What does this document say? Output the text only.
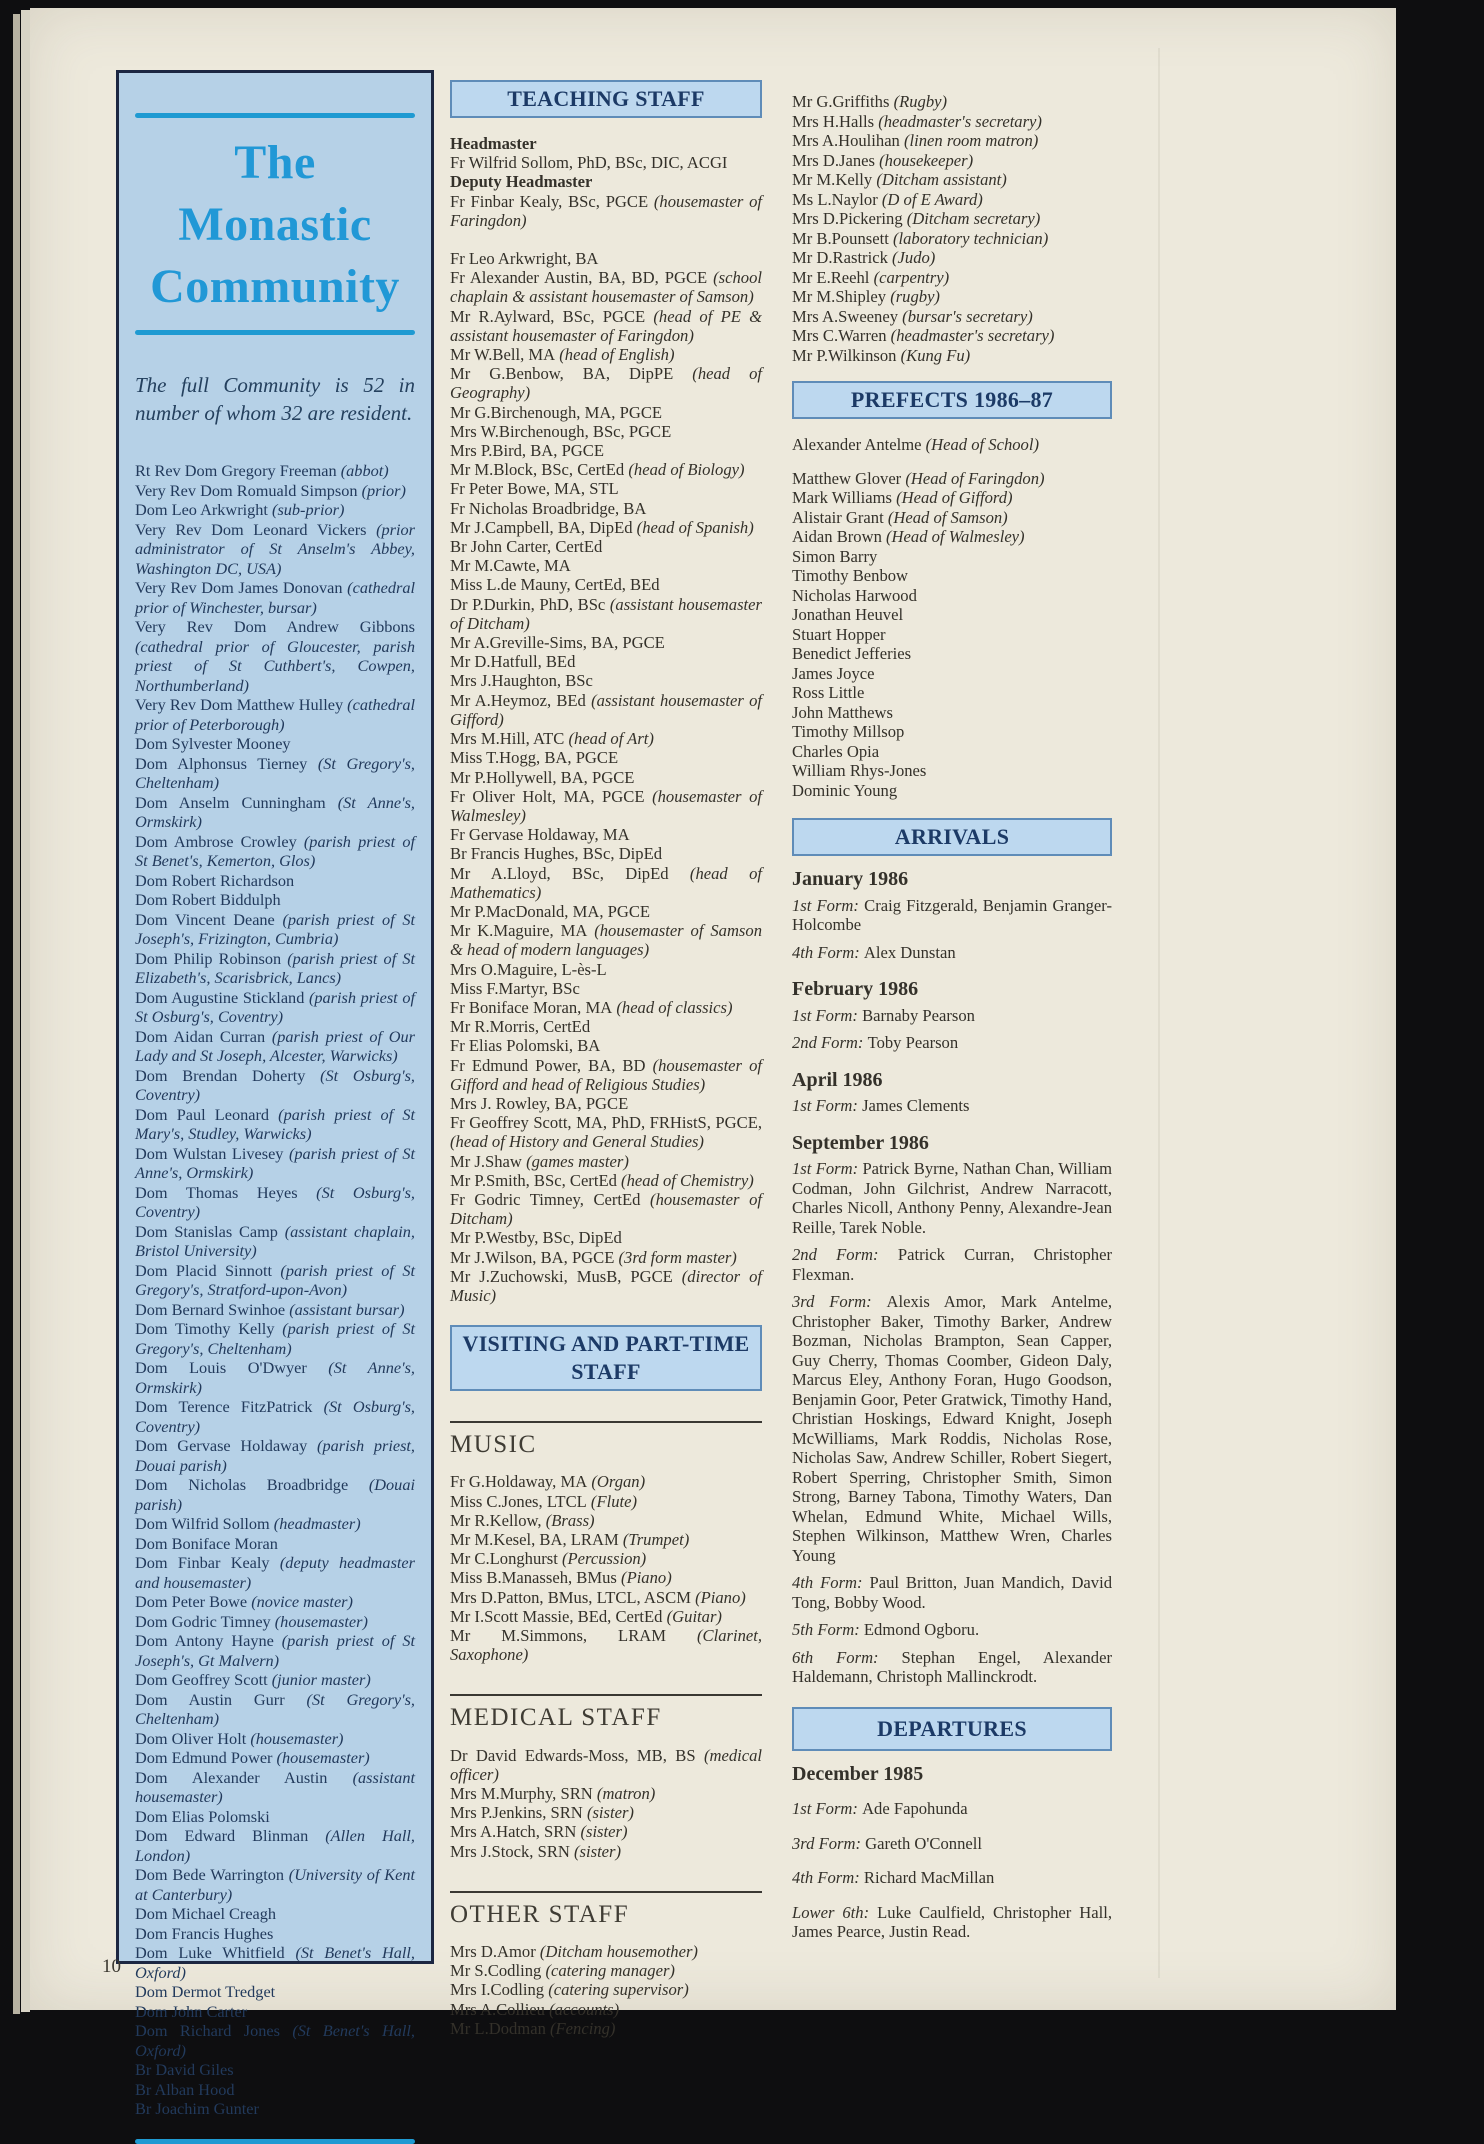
The
Monastic
Community
The full Community is 52 in number of whom 32 are resident.
Rt Rev Dom Gregory Freeman (abbot)
Very Rev Dom Romuald Simpson (prior)
Dom Leo Arkwright (sub-prior)
Very Rev Dom Leonard Vickers (prior administrator of St Anselm's Abbey, Washington DC, USA)
Very Rev Dom James Donovan (cathedral prior of Winchester, bursar)
Very Rev Dom Andrew Gibbons (cathedral prior of Gloucester, parish priest of St Cuthbert's, Cowpen, Northumberland)
Very Rev Dom Matthew Hulley (cathedral prior of Peterborough)
Dom Sylvester Mooney
Dom Alphonsus Tierney (St Gregory's, Cheltenham)
Dom Anselm Cunningham (St Anne's, Ormskirk)
Dom Ambrose Crowley (parish priest of St Benet's, Kemerton, Glos)
Dom Robert Richardson
Dom Robert Biddulph
Dom Vincent Deane (parish priest of St Joseph's, Frizington, Cumbria)
Dom Philip Robinson (parish priest of St Elizabeth's, Scarisbrick, Lancs)
Dom Augustine Stickland (parish priest of St Osburg's, Coventry)
Dom Aidan Curran (parish priest of Our Lady and St Joseph, Alcester, Warwicks)
Dom Brendan Doherty (St Osburg's, Coventry)
Dom Paul Leonard (parish priest of St Mary's, Studley, Warwicks)
Dom Wulstan Livesey (parish priest of St Anne's, Ormskirk)
Dom Thomas Heyes (St Osburg's, Coventry)
Dom Stanislas Camp (assistant chaplain, Bristol University)
Dom Placid Sinnott (parish priest of St Gregory's, Stratford-upon-Avon)
Dom Bernard Swinhoe (assistant bursar)
Dom Timothy Kelly (parish priest of St Gregory's, Cheltenham)
Dom Louis O'Dwyer (St Anne's, Ormskirk)
Dom Terence FitzPatrick (St Osburg's, Coventry)
Dom Gervase Holdaway (parish priest, Douai parish)
Dom Nicholas Broadbridge (Douai parish)
Dom Wilfrid Sollom (headmaster)
Dom Boniface Moran
Dom Finbar Kealy (deputy headmaster and housemaster)
Dom Peter Bowe (novice master)
Dom Godric Timney (housemaster)
Dom Antony Hayne (parish priest of St Joseph's, Gt Malvern)
Dom Geoffrey Scott (junior master)
Dom Austin Gurr (St Gregory's, Cheltenham)
Dom Oliver Holt (housemaster)
Dom Edmund Power (housemaster)
Dom Alexander Austin (assistant housemaster)
Dom Elias Polomski
Dom Edward Blinman (Allen Hall, London)
Dom Bede Warrington (University of Kent at Canterbury)
Dom Michael Creagh
Dom Francis Hughes
Dom Luke Whitfield (St Benet's Hall, Oxford)
Dom Dermot Tredget
Dom John Carter
Dom Richard Jones (St Benet's Hall, Oxford)
Br David Giles
Br Alban Hood
Br Joachim Gunter
TEACHING STAFF
Headmaster
Fr Wilfrid Sollom, PhD, BSc, DIC, ACGI
Deputy Headmaster
Fr Finbar Kealy, BSc, PGCE (housemaster of Faringdon)
Fr Leo Arkwright, BA
Fr Alexander Austin, BA, BD, PGCE (school chaplain & assistant housemaster of Samson)
Mr R.Aylward, BSc, PGCE (head of PE & assistant housemaster of Faringdon)
Mr W.Bell, MA (head of English)
Mr G.Benbow, BA, DipPE (head of Geography)
Mr G.Birchenough, MA, PGCE
Mrs W.Birchenough, BSc, PGCE
Mrs P.Bird, BA, PGCE
Mr M.Block, BSc, CertEd (head of Biology)
Fr Peter Bowe, MA, STL
Fr Nicholas Broadbridge, BA
Mr J.Campbell, BA, DipEd (head of Spanish)
Br John Carter, CertEd
Mr M.Cawte, MA
Miss L.de Mauny, CertEd, BEd
Dr P.Durkin, PhD, BSc (assistant housemaster of Ditcham)
Mr A.Greville-Sims, BA, PGCE
Mr D.Hatfull, BEd
Mrs J.Haughton, BSc
Mr A.Heymoz, BEd (assistant housemaster of Gifford)
Mrs M.Hill, ATC (head of Art)
Miss T.Hogg, BA, PGCE
Mr P.Hollywell, BA, PGCE
Fr Oliver Holt, MA, PGCE (housemaster of Walmesley)
Fr Gervase Holdaway, MA
Br Francis Hughes, BSc, DipEd
Mr A.Lloyd, BSc, DipEd (head of Mathematics)
Mr P.MacDonald, MA, PGCE
Mr K.Maguire, MA (housemaster of Samson & head of modern languages)
Mrs O.Maguire, L-ès-L
Miss F.Martyr, BSc
Fr Boniface Moran, MA (head of classics)
Mr R.Morris, CertEd
Fr Elias Polomski, BA
Fr Edmund Power, BA, BD (housemaster of Gifford and head of Religious Studies)
Mrs J. Rowley, BA, PGCE
Fr Geoffrey Scott, MA, PhD, FRHistS, PGCE, (head of History and General Studies)
Mr J.Shaw (games master)
Mr P.Smith, BSc, CertEd (head of Chemistry)
Fr Godric Timney, CertEd (housemaster of Ditcham)
Mr P.Westby, BSc, DipEd
Mr J.Wilson, BA, PGCE (3rd form master)
Mr J.Zuchowski, MusB, PGCE (director of Music)
VISITING AND PART-TIME STAFF
MUSIC
Fr G.Holdaway, MA (Organ)
Miss C.Jones, LTCL (Flute)
Mr R.Kellow, (Brass)
Mr M.Kesel, BA, LRAM (Trumpet)
Mr C.Longhurst (Percussion)
Miss B.Manasseh, BMus (Piano)
Mrs D.Patton, BMus, LTCL, ASCM (Piano)
Mr I.Scott Massie, BEd, CertEd (Guitar)
Mr M.Simmons, LRAM (Clarinet, Saxophone)
MEDICAL STAFF
Dr David Edwards-Moss, MB, BS (medical officer)
Mrs M.Murphy, SRN (matron)
Mrs P.Jenkins, SRN (sister)
Mrs A.Hatch, SRN (sister)
Mrs J.Stock, SRN (sister)
OTHER STAFF
Mrs D.Amor (Ditcham housemother)
Mr S.Codling (catering manager)
Mrs I.Codling (catering supervisor)
Mrs A.Collieu (accounts)
Mr L.Dodman (Fencing)
Mr G.Griffiths (Rugby)
Mrs H.Halls (headmaster's secretary)
Mrs A.Houlihan (linen room matron)
Mrs D.Janes (housekeeper)
Mr M.Kelly (Ditcham assistant)
Ms L.Naylor (D of E Award)
Mrs D.Pickering (Ditcham secretary)
Mr B.Pounsett (laboratory technician)
Mr D.Rastrick (Judo)
Mr E.Reehl (carpentry)
Mr M.Shipley (rugby)
Mrs A.Sweeney (bursar's secretary)
Mrs C.Warren (headmaster's secretary)
Mr P.Wilkinson (Kung Fu)
PREFECTS 1986–87
Alexander Antelme (Head of School)
Matthew Glover (Head of Faringdon)
Mark Williams (Head of Gifford)
Alistair Grant (Head of Samson)
Aidan Brown (Head of Walmesley)
Simon Barry
Timothy Benbow
Nicholas Harwood
Jonathan Heuvel
Stuart Hopper
Benedict Jefferies
James Joyce
Ross Little
John Matthews
Timothy Millsop
Charles Opia
William Rhys-Jones
Dominic Young
ARRIVALS
January 1986
1st Form: Craig Fitzgerald, Benjamin Granger-Holcombe
4th Form: Alex Dunstan
February 1986
1st Form: Barnaby Pearson
2nd Form: Toby Pearson
April 1986
1st Form: James Clements
September 1986
1st Form: Patrick Byrne, Nathan Chan, William Codman, John Gilchrist, Andrew Narracott, Charles Nicoll, Anthony Penny, Alexandre-Jean Reille, Tarek Noble.
2nd Form: Patrick Curran, Christopher Flexman.
3rd Form: Alexis Amor, Mark Antelme, Christopher Baker, Timothy Barker, Andrew Bozman, Nicholas Brampton, Sean Capper, Guy Cherry, Thomas Coomber, Gideon Daly, Marcus Eley, Anthony Foran, Hugo Goodson, Benjamin Goor, Peter Gratwick, Timothy Hand, Christian Hoskings, Edward Knight, Joseph McWilliams, Mark Roddis, Nicholas Rose, Nicholas Saw, Andrew Schiller, Robert Siegert, Robert Sperring, Christopher Smith, Simon Strong, Barney Tabona, Timothy Waters, Dan Whelan, Edmund White, Michael Wills, Stephen Wilkinson, Matthew Wren, Charles Young
4th Form: Paul Britton, Juan Mandich, David Tong, Bobby Wood.
5th Form: Edmond Ogboru.
6th Form: Stephan Engel, Alexander Haldemann, Christoph Mallinckrodt.
DEPARTURES
December 1985
1st Form: Ade Fapohunda
3rd Form: Gareth O'Connell
4th Form: Richard MacMillan
Lower 6th: Luke Caulfield, Christopher Hall, James Pearce, Justin Read.
10
